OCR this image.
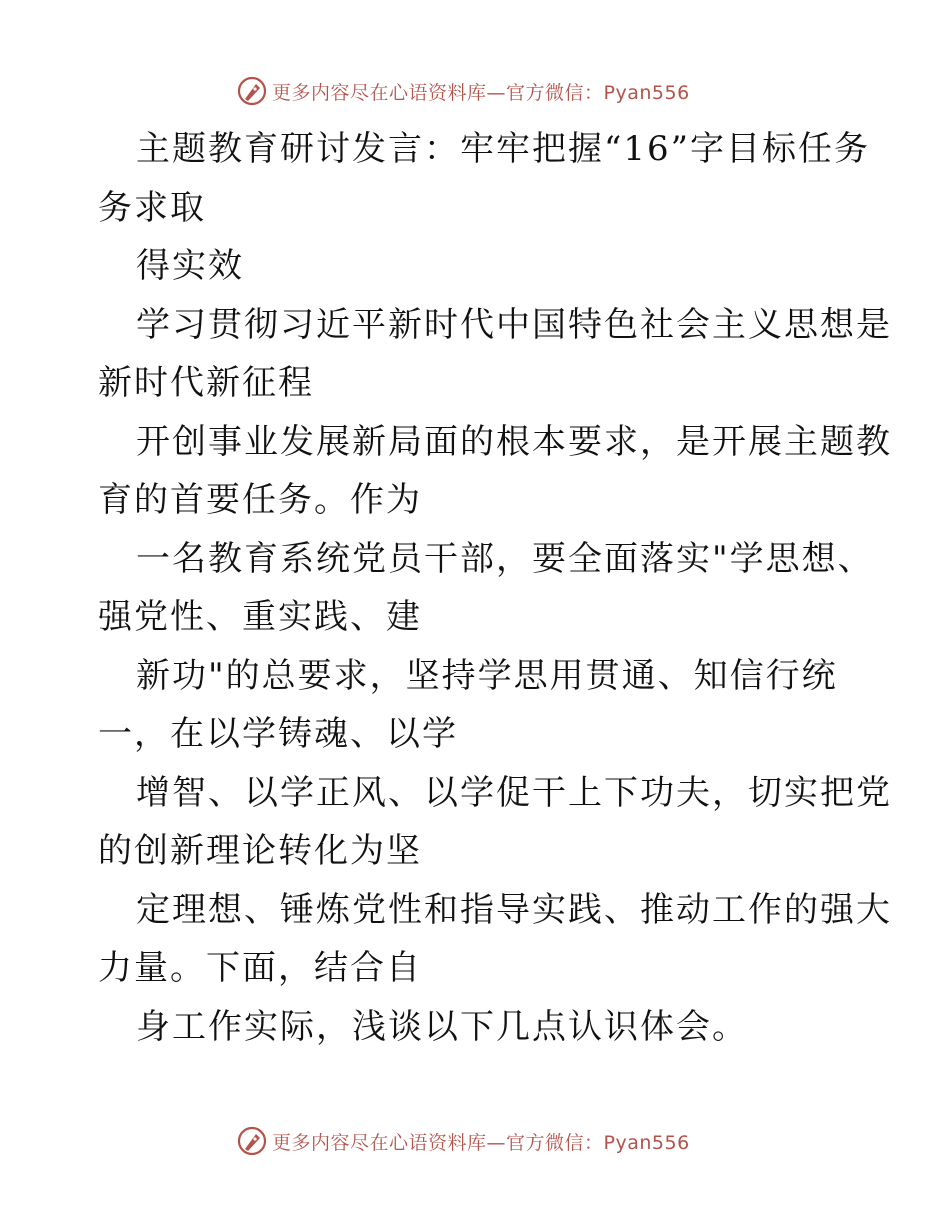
更多内容尽在心语资料库—官方微信：Pyan556
主题教育研讨发言：牢牢把握“16”字目标任务
务求取
得实效
学习贯彻习近平新时代中国特色社会主义思想是
新时代新征程
开创事业发展新局面的根本要求，是开展主题教
育的首要任务。作为
一名教育系统党员干部，要全面落实"学思想、
强党性、重实践、建
新功"的总要求，坚持学思用贯通、知信行统
一，在以学铸魂、以学
增智、以学正风、以学促干上下功夫，切实把党
的创新理论转化为坚
定理想、锤炼党性和指导实践、推动工作的强大
力量。下面，结合自
身工作实际，浅谈以下几点认识体会。
更多内容尽在心语资料库—官方微信：Pyan556
